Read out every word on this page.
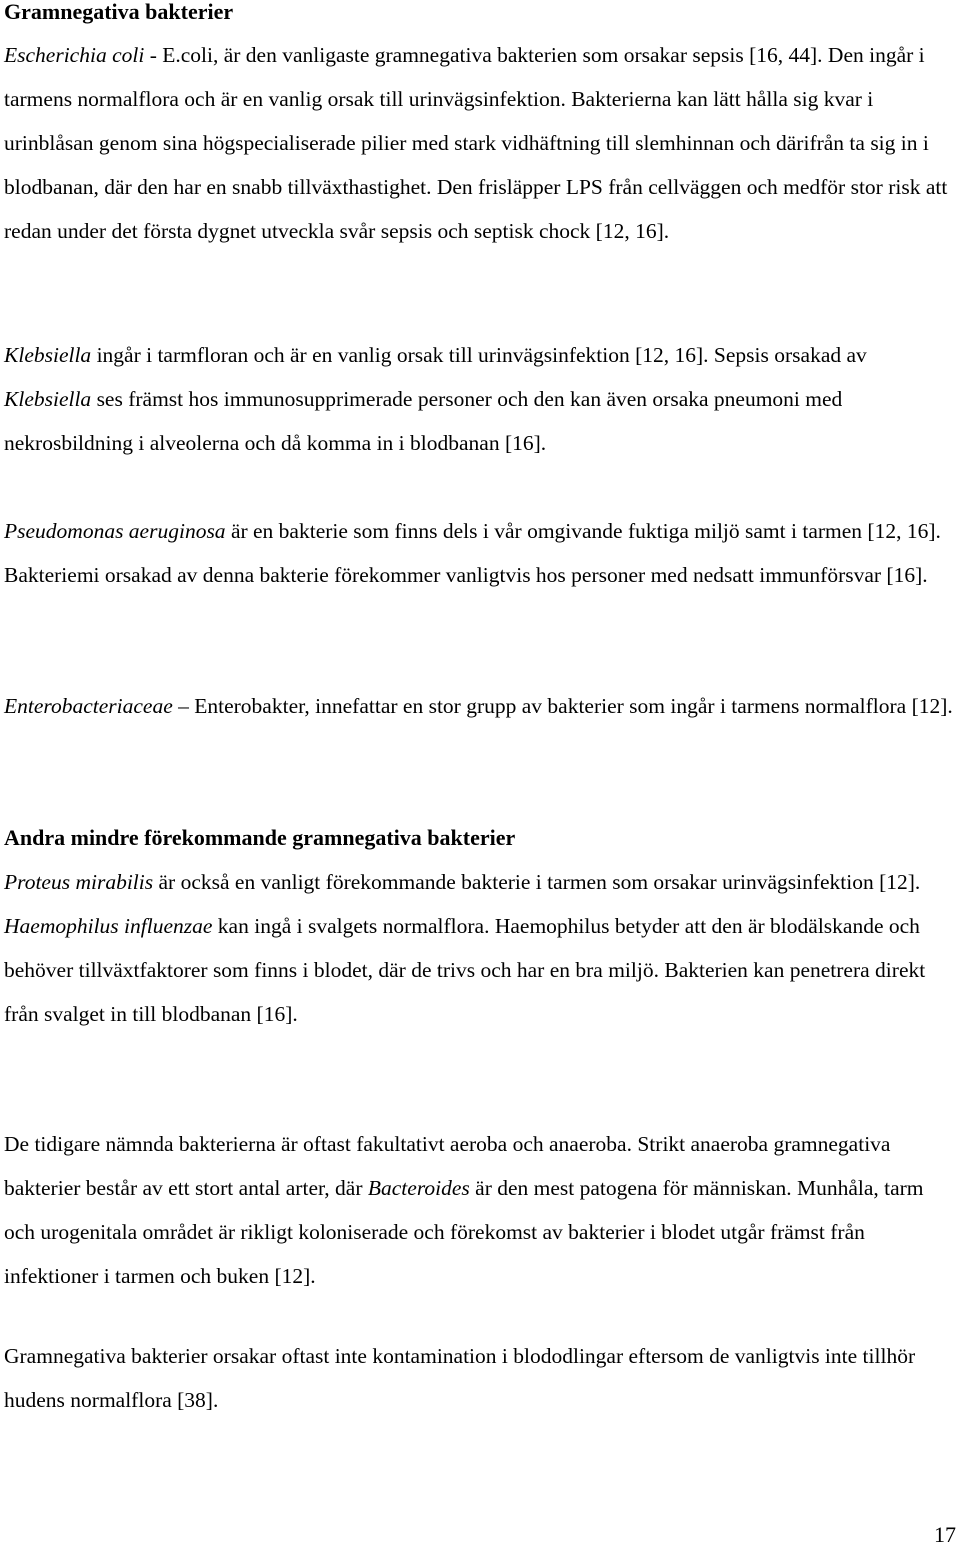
Gramnegativa bakterier

Escherichia coli - E.coli, är den vanligaste gramnegativa bakterien som orsakar sepsis [16, 44]. Den ingår i tarmens normalflora och är en vanlig orsak till urinvägsinfektion. Bakterierna kan lätt hålla sig kvar i urinblåsan genom sina högspecialiserade pilier med stark vidhäftning till slemhinnan och därifrån ta sig in i blodbanan, där den har en snabb tillväxthastighet. Den frisläpper LPS från cellväggen och medför stor risk att redan under det första dygnet utveckla svår sepsis och septisk chock [12, 16].

Klebsiella ingår i tarmfloran och är en vanlig orsak till urinvägsinfektion [12, 16]. Sepsis orsakad av Klebsiella ses främst hos immunosupprimerade personer och den kan även orsaka pneumoni med nekrosbildning i alveolerna och då komma in i blodbanan [16].

Pseudomonas aeruginosa är en bakterie som finns dels i vår omgivande fuktiga miljö samt i tarmen [12, 16]. Bakteriemi orsakad av denna bakterie förekommer vanligtvis hos personer med nedsatt immunförsvar [16].

Enterobacteriaceae – Enterobakter, innefattar en stor grupp av bakterier som ingår i tarmens normalflora [12].

Andra mindre förekommande gramnegativa bakterier

Proteus mirabilis är också en vanligt förekommande bakterie i tarmen som orsakar urinvägsinfektion [12].

Haemophilus influenzae kan ingå i svalgets normalflora. Haemophilus betyder att den är blodälskande och behöver tillväxtfaktorer som finns i blodet, där de trivs och har en bra miljö. Bakterien kan penetrera direkt från svalget in till blodbanan [16].

De tidigare nämnda bakterierna är oftast fakultativt aeroba och anaeroba. Strikt anaeroba gramnegativa bakterier består av ett stort antal arter, där Bacteroides är den mest patogena för människan. Munhåla, tarm och urogenitala området är rikligt koloniserade och förekomst av bakterier i blodet utgår främst från infektioner i tarmen och buken [12].

Gramnegativa bakterier orsakar oftast inte kontamination i blododlingar eftersom de vanligtvis inte tillhör hudens normalflora [38].

17
